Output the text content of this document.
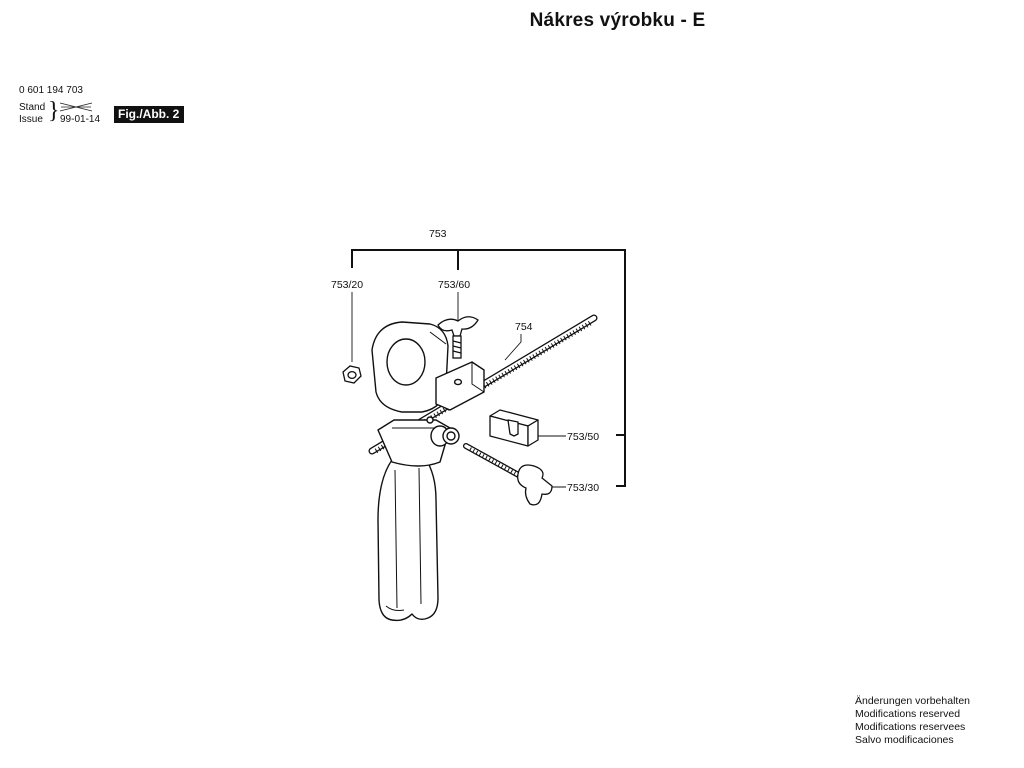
Nákres výrobku - E
0 601 194 703
Stand
Issue } 99-01-14	Fig./Abb. 2
753
753/20	753/60
754
753/50
753/30
Änderungen vorbehalten
Modifications reserved
Modifications reservees
Salvo modificaciones
